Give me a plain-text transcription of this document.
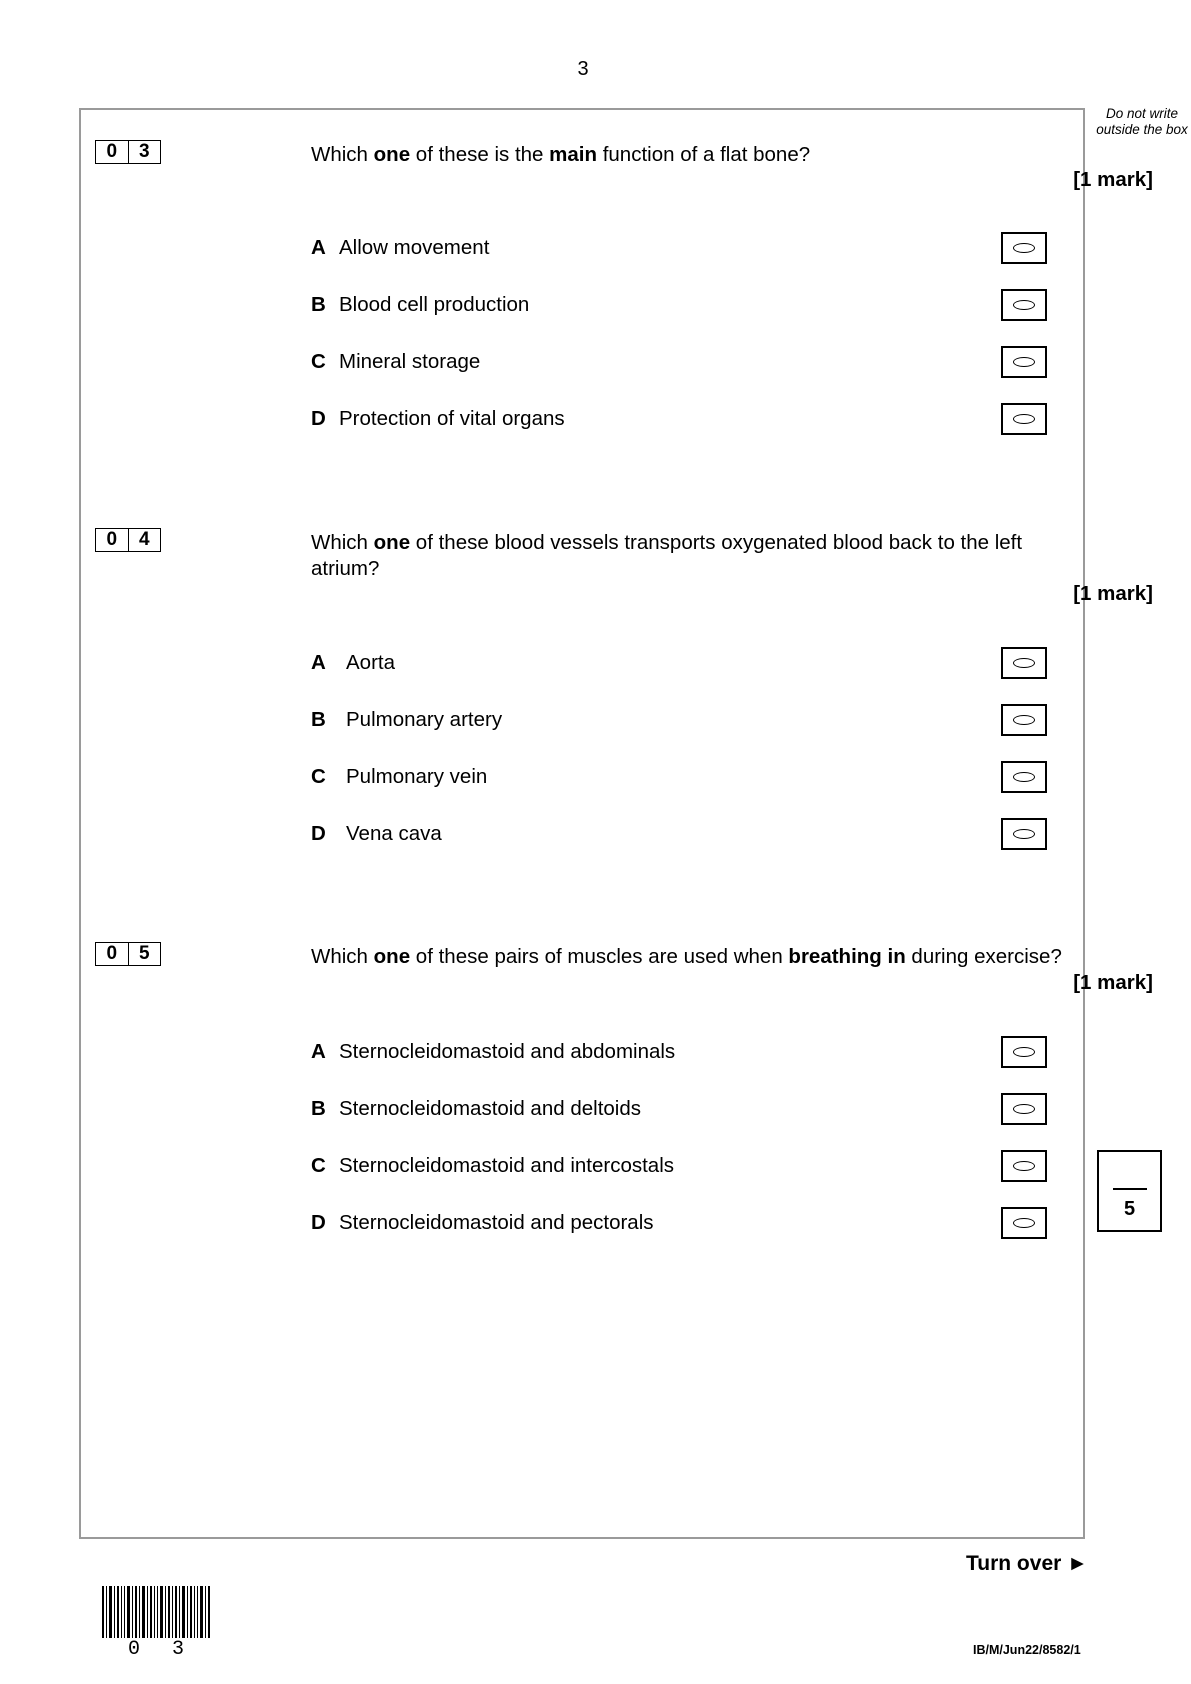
3
Do not write outside the box
0	3	Which one of these is the main function of a flat bone?
[1 mark]
A Allow movement
B Blood cell production
C Mineral storage
D Protection of vital organs
0	4	Which one of these blood vessels transports oxygenated blood back to the left atrium?
[1 mark]
A Aorta
B Pulmonary artery
C Pulmonary vein
D Vena cava
0	5	Which one of these pairs of muscles are used when breathing in during exercise?
[1 mark]
A Sternocleidomastoid and abdominals
B Sternocleidomastoid and deltoids
C Sternocleidomastoid and intercostals
D Sternocleidomastoid and pectorals
5
Turn over ►
0 3	IB/M/Jun22/8582/1
